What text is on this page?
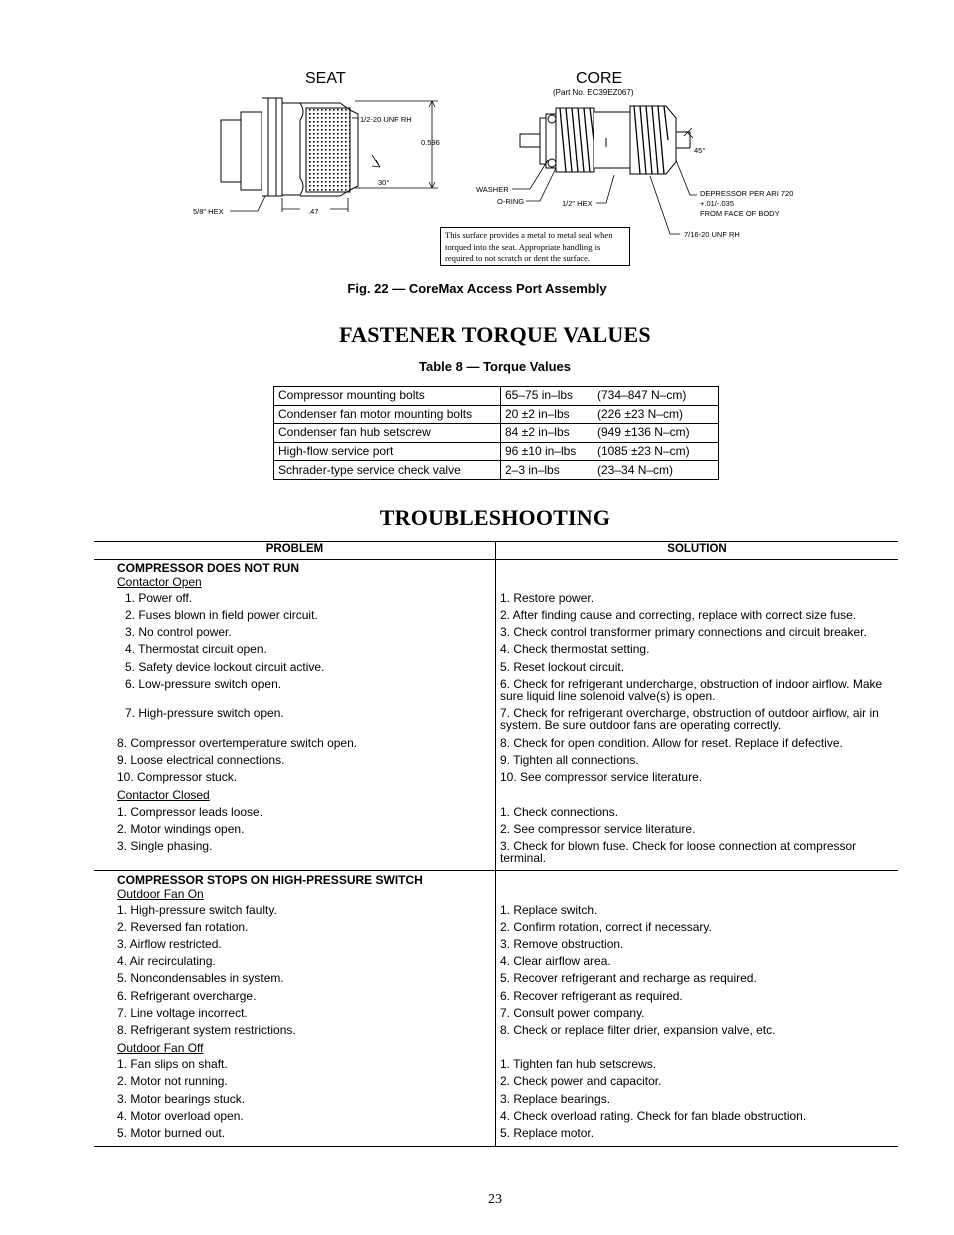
SEAT	CORE
(Part No. EC39EZ067)
1/2-20 UNF RH
0.596
30°
5/8" HEX	.47
45°
WASHER
O-RING	1/2" HEX
DEPRESSOR PER ARI 720
+.01/-.035
FROM FACE OF BODY
7/16-20 UNF RH
This surface provides a metal to metal seal when torqued into the seat. Appropriate handling is required to not scratch or dent the surface.
Fig. 22 — CoreMax Access Port Assembly
FASTENER TORQUE VALUES
Table 8 — Torque Values
Compressor mounting bolts	65–75 in–lbs	(734–847 N–cm)
Condenser fan motor mounting bolts	20 ±2 in–lbs	(226 ±23 N–cm)
Condenser fan hub setscrew	84 ±2 in–lbs	(949 ±136 N–cm)
High-flow service port	96 ±10 in–lbs	(1085 ±23 N–cm)
Schrader-type service check valve	2–3 in–lbs	(23–34 N–cm)
TROUBLESHOOTING
PROBLEM	SOLUTION
COMPRESSOR DOES NOT RUN
Contactor Open
1. Power off.	1. Restore power.
2. Fuses blown in field power circuit.	2. After finding cause and correcting, replace with correct size fuse.
3. No control power.	3. Check control transformer primary connections and circuit breaker.
4. Thermostat circuit open.	4. Check thermostat setting.
5. Safety device lockout circuit active.	5. Reset lockout circuit.
6. Low-pressure switch open.	6. Check for refrigerant undercharge, obstruction of indoor airflow. Make sure liquid line solenoid valve(s) is open.
7. High-pressure switch open.	7. Check for refrigerant overcharge, obstruction of outdoor airflow, air in system. Be sure outdoor fans are operating correctly.
8. Compressor overtemperature switch open.	8. Check for open condition. Allow for reset. Replace if defective.
9. Loose electrical connections.	9. Tighten all connections.
10. Compressor stuck.	10. See compressor service literature.
Contactor Closed
1. Compressor leads loose.	1. Check connections.
2. Motor windings open.	2. See compressor service literature.
3. Single phasing.	3. Check for blown fuse. Check for loose connection at compressor terminal.
COMPRESSOR STOPS ON HIGH-PRESSURE SWITCH
Outdoor Fan On
1. High-pressure switch faulty.	1. Replace switch.
2. Reversed fan rotation.	2. Confirm rotation, correct if necessary.
3. Airflow restricted.	3. Remove obstruction.
4. Air recirculating.	4. Clear airflow area.
5. Noncondensables in system.	5. Recover refrigerant and recharge as required.
6. Refrigerant overcharge.	6. Recover refrigerant as required.
7. Line voltage incorrect.	7. Consult power company.
8. Refrigerant system restrictions.	8. Check or replace filter drier, expansion valve, etc.
Outdoor Fan Off
1. Fan slips on shaft.	1. Tighten fan hub setscrews.
2. Motor not running.	2. Check power and capacitor.
3. Motor bearings stuck.	3. Replace bearings.
4. Motor overload open.	4. Check overload rating. Check for fan blade obstruction.
5. Motor burned out.	5. Replace motor.
23
